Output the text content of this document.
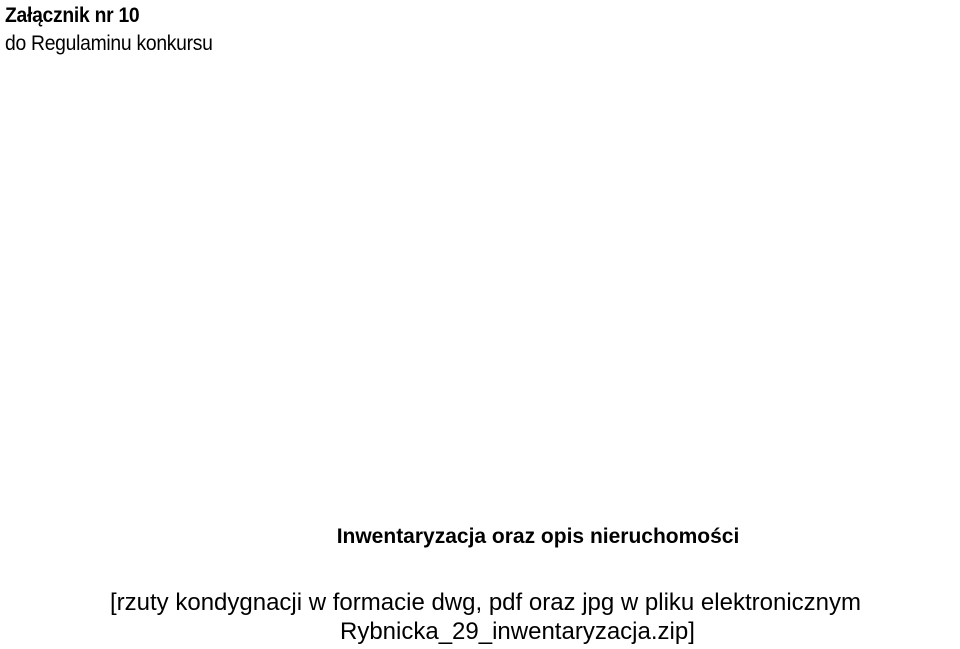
Załącznik nr 10
do Regulaminu konkursu
Inwentaryzacja oraz opis nieruchomości
[rzuty kondygnacji w formacie dwg, pdf oraz jpg w pliku elektronicznym
Rybnicka_29_inwentaryzacja.zip]
